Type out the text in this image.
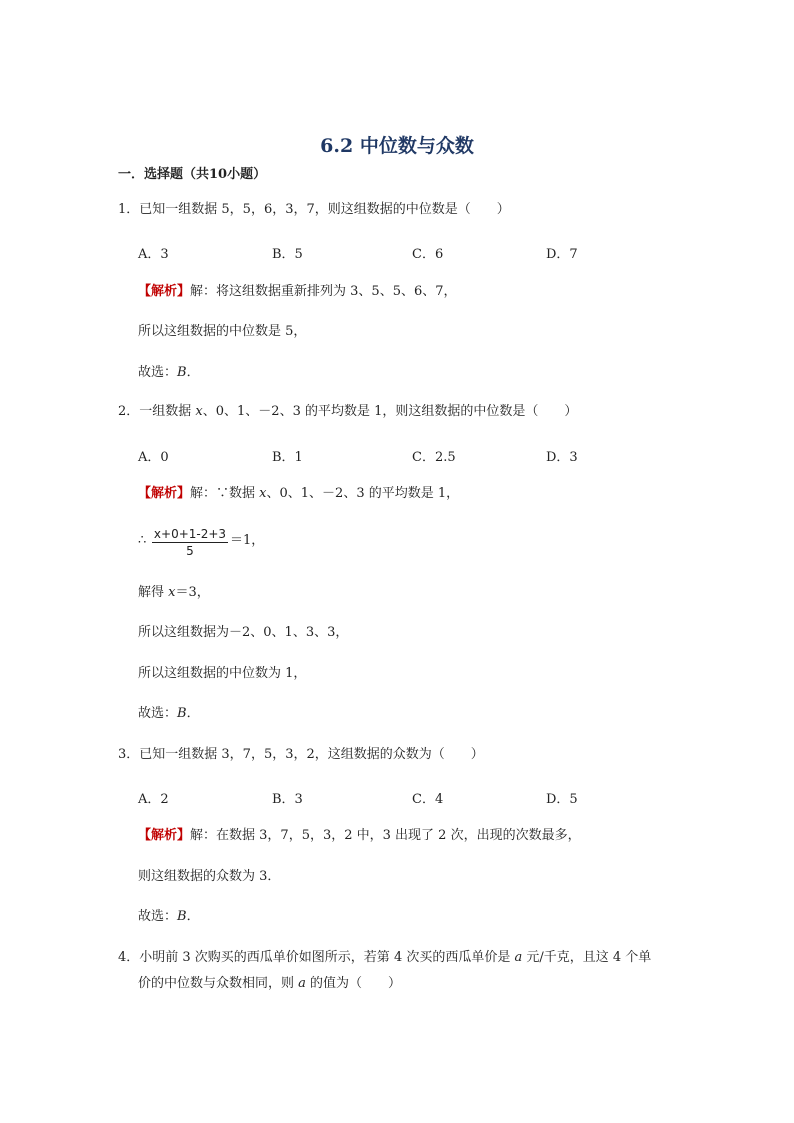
6.2 中位数与众数
一．选择题（共10小题）
1．已知一组数据 5，5，6，3，7，则这组数据的中位数是（　　）
A．3	B．5	C．6	D．7
【解析】解：将这组数据重新排列为 3、5、5、6、7，
所以这组数据的中位数是 5，
故选：B．
2．一组数据 x、0、1、－2、3 的平均数是 1，则这组数据的中位数是（　　）
A．0	B．1	C．2.5	D．3
【解析】解：∵数据 x、0、1、－2、3 的平均数是 1，
∴ $\frac{x+0+1-2+3}{5} =1$，
解得 x＝3，
所以这组数据为－2、0、1、3、3，
所以这组数据的中位数为 1，
故选：B．
3．已知一组数据 3，7，5，3，2，这组数据的众数为（　　）
A．2	B．3	C．4	D．5
【解析】解：在数据 3，7，5，3，2 中，3 出现了 2 次，出现的次数最多，
则这组数据的众数为 3．
故选：B．
4．小明前 3 次购买的西瓜单价如图所示，若第 4 次买的西瓜单价是 a 元/千克，且这 4 个单
价的中位数与众数相同，则 a 的值为（　　）
